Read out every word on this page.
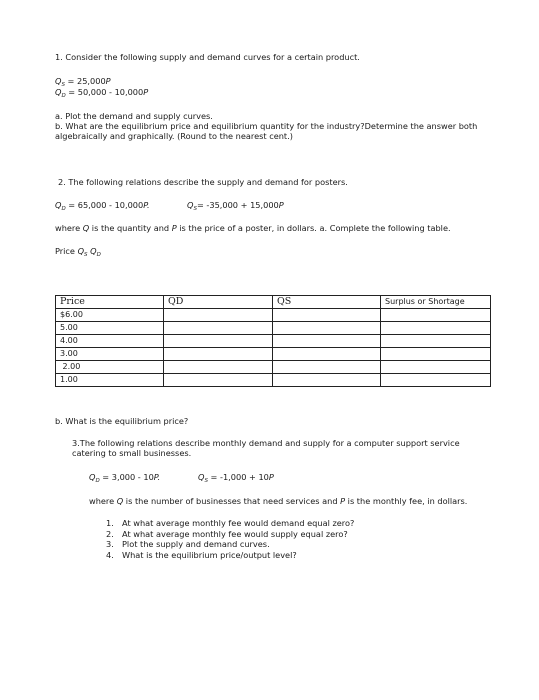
1. Consider the following supply and demand curves for a certain product.
$Q_S = 25,000P$
$Q_D = 50,000 - 10,000P$
a. Plot the demand and supply curves.
b. What are the equilibrium price and equilibrium quantity for the industry?Determine the answer both
algebraically and graphically. (Round to the nearest cent.)
2. The following relations describe the supply and demand for posters.
$Q_D = 65,000 - 10,000P$.	$Q_S= -35,000 + 15,000P$
where Q is the quantity and P is the price of a poster, in dollars. a. Complete the following table.
Price $Q_S$ $Q_D$
Price	QD	QS	Surplus or Shortage
$6.00			
5.00			
4.00			
3.00			
2.00			
1.00			
b. What is the equilibrium price?
3.The following relations describe monthly demand and supply for a computer support service
catering to small businesses.
$Q_D = 3,000 - 10P$.	$Q_S = -1,000 + 10P$
where Q is the number of businesses that need services and P is the monthly fee, in dollars.
1. At what average monthly fee would demand equal zero?
2. At what average monthly fee would supply equal zero?
3. Plot the supply and demand curves.
4. What is the equilibrium price/output level?
